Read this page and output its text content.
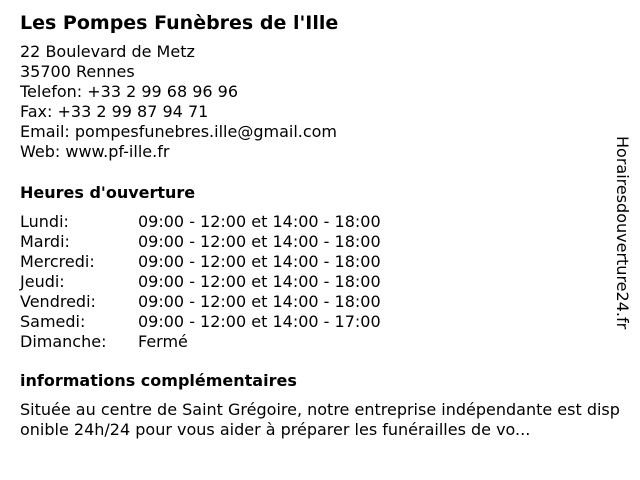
Les Pompes Funèbres de l'Ille
22 Boulevard de Metz
35700 Rennes
Telefon: +33 2 99 68 96 96
Fax: +33 2 99 87 94 71
Email: pompesfunebres.ille@gmail.com
Web: www.pf-ille.fr
Heures d'ouverture
Lundi:	09:00 - 12:00 et 14:00 - 18:00
Mardi:	09:00 - 12:00 et 14:00 - 18:00
Mercredi:	09:00 - 12:00 et 14:00 - 18:00
Jeudi:	09:00 - 12:00 et 14:00 - 18:00
Vendredi:	09:00 - 12:00 et 14:00 - 18:00
Samedi:	09:00 - 12:00 et 14:00 - 17:00
Dimanche:	Fermé
informations complémentaires
Située au centre de Saint Grégoire, notre entreprise indépendante est disponible 24h/24 pour vous aider à préparer les funérailles de vo...
Horairesdouverture24.fr
